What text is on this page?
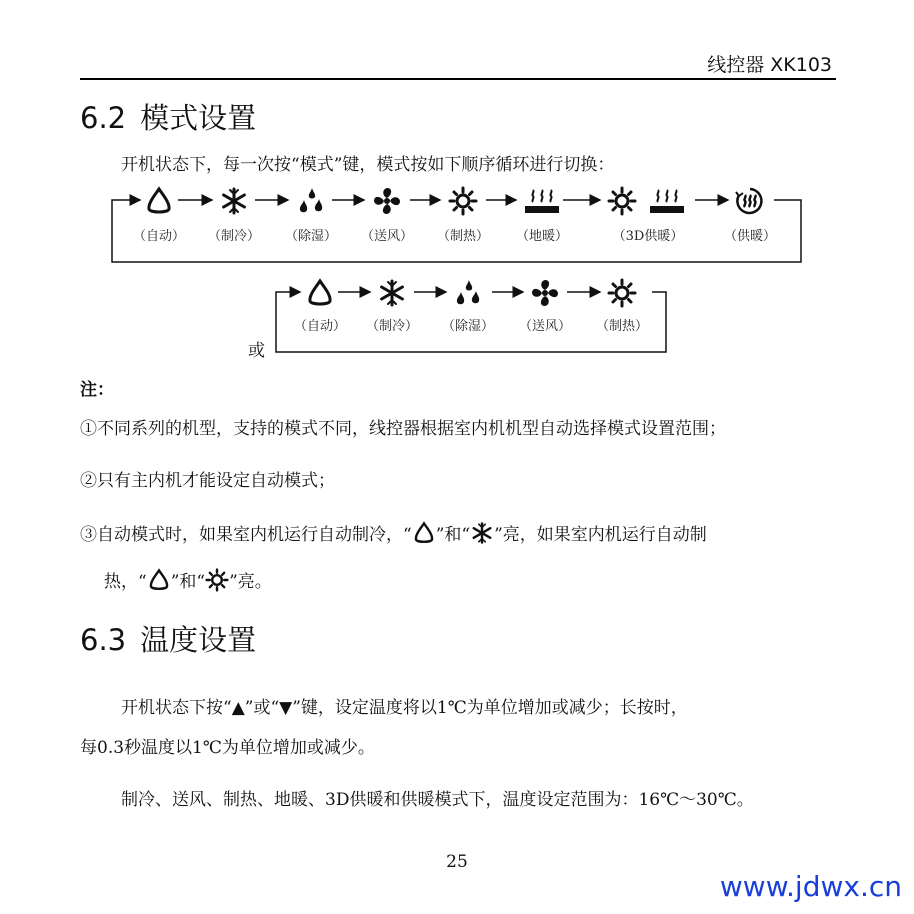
线控器 XK103
6.2 模式设置
开机状态下，每一次按“模式”键，模式按如下顺序循环进行切换：
（自动） （制冷） （除湿） （送风） （制热） （地暖）	（3D供暖）	（供暖）
（自动） （制冷） （除湿） （送风） （制热）
或
注：
①不同系列的机型，支持的模式不同，线控器根据室内机机型自动选择模式设置范围；
②只有主内机才能设定自动模式；
③自动模式时，如果室内机运行自动制冷，“ ”和“ ”亮，如果室内机运行自动制
热，“ ”和“ ”亮。
6.3 温度设置
开机状态下按“▲”或“▼”键，设定温度将以1℃为单位增加或减少；长按时，
每0.3秒温度以1℃为单位增加或减少。
制冷、送风、制热、地暖、3D供暖和供暖模式下，温度设定范围为：16℃～30℃。
25
www.jdwx.cn
